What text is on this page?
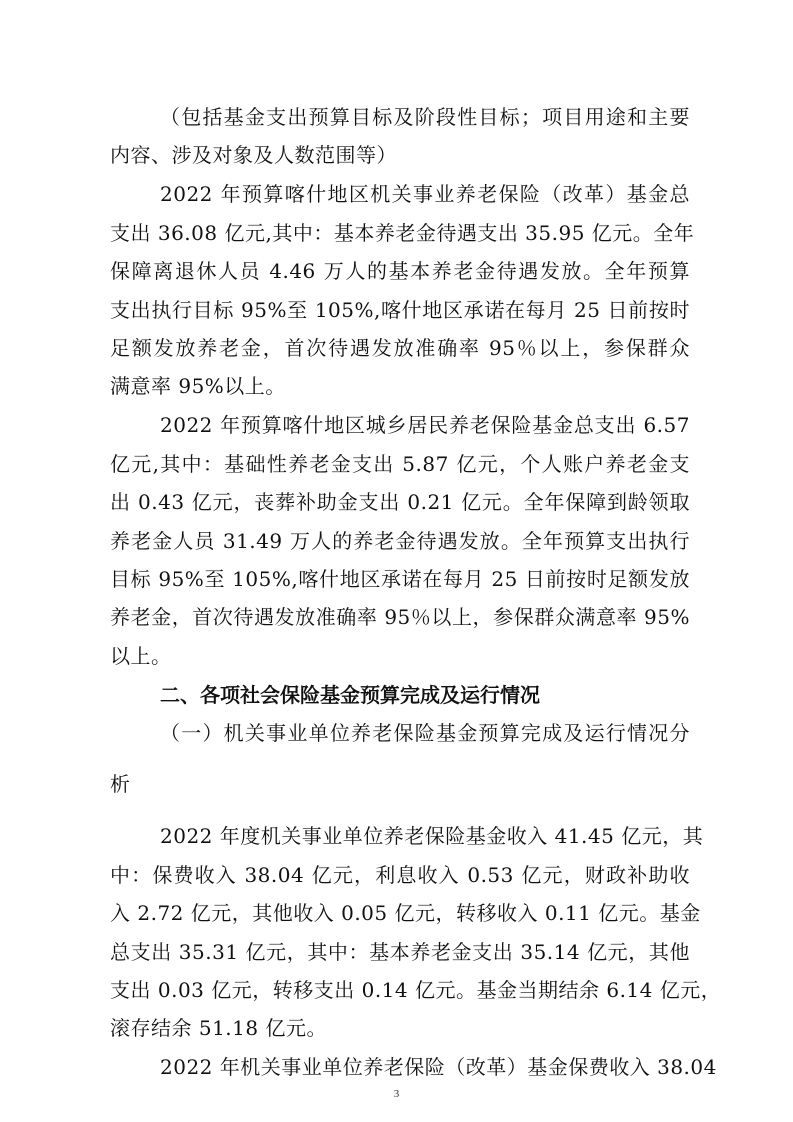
（包括基金支出预算目标及阶段性目标；项目用途和主要
内容、涉及对象及人数范围等）
2022 年预算喀什地区机关事业养老保险（改革）基金总
支出 36.08 亿元,其中：基本养老金待遇支出 35.95 亿元。全年
保障离退休人员 4.46 万人的基本养老金待遇发放。全年预算
支出执行目标 95%至 105%,喀什地区承诺在每月 25 日前按时
足额发放养老金，首次待遇发放准确率 95％以上，参保群众
满意率 95%以上。
2022 年预算喀什地区城乡居民养老保险基金总支出 6.57
亿元,其中：基础性养老金支出 5.87 亿元，个人账户养老金支
出 0.43 亿元，丧葬补助金支出 0.21 亿元。全年保障到龄领取
养老金人员 31.49 万人的养老金待遇发放。全年预算支出执行
目标 95%至 105%,喀什地区承诺在每月 25 日前按时足额发放
养老金，首次待遇发放准确率 95％以上，参保群众满意率 95%
以上。
二、各项社会保险基金预算完成及运行情况
（一）机关事业单位养老保险基金预算完成及运行情况分
析
2022 年度机关事业单位养老保险基金收入 41.45 亿元，其
中：保费收入 38.04 亿元，利息收入 0.53 亿元，财政补助收
入 2.72 亿元，其他收入 0.05 亿元，转移收入 0.11 亿元。基金
总支出 35.31 亿元，其中：基本养老金支出 35.14 亿元，其他
支出 0.03 亿元，转移支出 0.14 亿元。基金当期结余 6.14 亿元，
滚存结余 51.18 亿元。
2022 年机关事业单位养老保险（改革）基金保费收入 38.04
3
